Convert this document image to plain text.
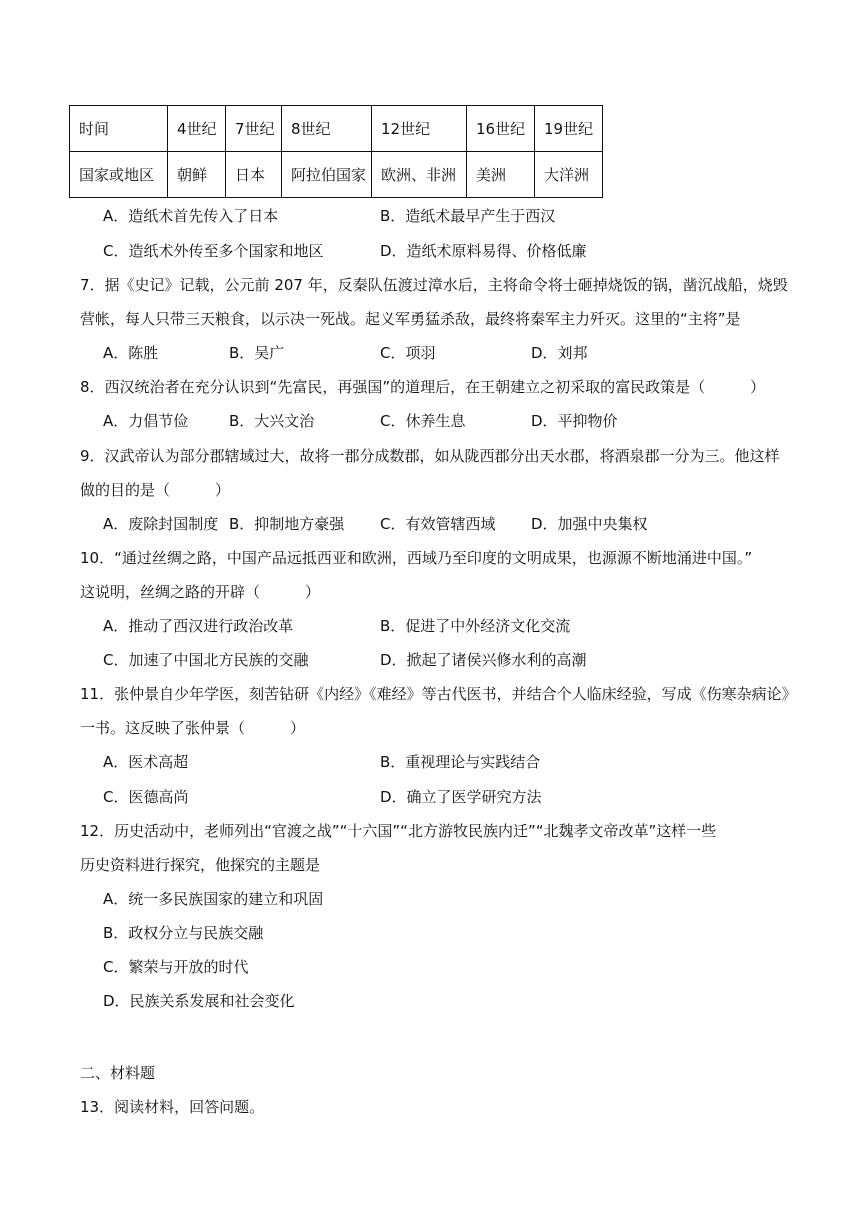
时间	4世纪	7世纪	8世纪	12世纪	16世纪	19世纪
国家或地区	朝鲜	日本	阿拉伯国家	欧洲、非洲	美洲	大洋洲
A．造纸术首先传入了日本	B．造纸术最早产生于西汉
C．造纸术外传至多个国家和地区	D．造纸术原料易得、价格低廉
7．据《史记》记载，公元前 207 年，反秦队伍渡过漳水后，主将命令将士砸掉烧饭的锅，凿沉战船，烧毁
营帐，每人只带三天粮食，以示决一死战。起义军勇猛杀敌，最终将秦军主力歼灭。这里的“主将”是
A．陈胜	B．吴广	C．项羽	D．刘邦
8．西汉统治者在充分认识到“先富民，再强国”的道理后，在王朝建立之初采取的富民政策是（　　　）
A．力倡节俭	B．大兴文治	C．休养生息	D．平抑物价
9．汉武帝认为部分郡辖域过大，故将一郡分成数郡，如从陇西郡分出天水郡，将酒泉郡一分为三。他这样
做的目的是（　　　）
A．废除封国制度 B．抑制地方豪强 C．有效管辖西域 D．加强中央集权
10．“通过丝绸之路，中国产品远抵西亚和欧洲，西域乃至印度的文明成果，也源源不断地涌进中国。”
这说明，丝绸之路的开辟（　　　）
A．推动了西汉进行政治改革	B．促进了中外经济文化交流
C．加速了中国北方民族的交融	D．掀起了诸侯兴修水利的高潮
11．张仲景自少年学医，刻苦钻研《内经》《难经》等古代医书，并结合个人临床经验，写成《伤寒杂病论》
一书。这反映了张仲景（　　　）
A．医术高超	B．重视理论与实践结合
C．医德高尚	D．确立了医学研究方法
12．历史活动中，老师列出“官渡之战”“十六国”“北方游牧民族内迁”“北魏孝文帝改革”这样一些
历史资料进行探究，他探究的主题是
A．统一多民族国家的建立和巩固
B．政权分立与民族交融
C．繁荣与开放的时代
D．民族关系发展和社会变化
二、材料题
13．阅读材料，回答问题。
